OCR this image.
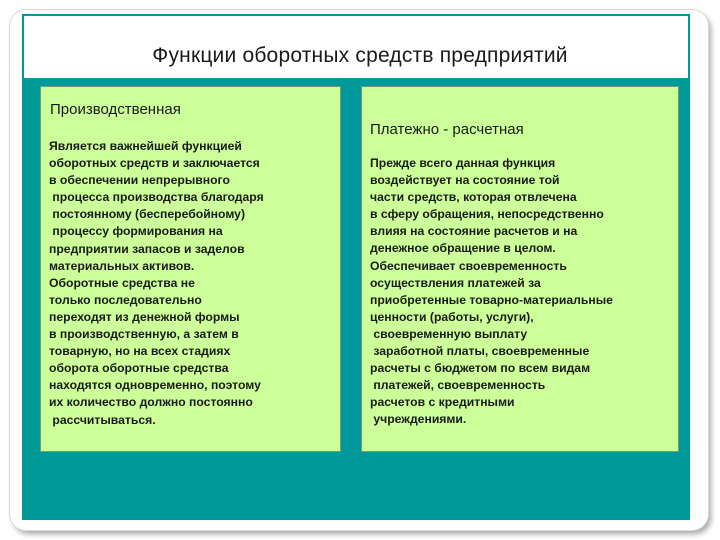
Функции оборотных средств предприятий
Производственная
Является важнейшей функцией
оборотных средств и заключается
в обеспечении непрерывного
процесса производства благодаря
постоянному (бесперебойному)
процессу формирования на
предприятии запасов и заделов
материальных активов.
Оборотные средства не
только последовательно
переходят из денежной формы
в производственную, а затем в
товарную, но на всех стадиях
оборота оборотные средства
находятся одновременно, поэтому
их количество должно постоянно
рассчитываться.
Платежно - расчетная
Прежде всего данная функция
воздействует на состояние той
части средств, которая отвлечена
в сферу обращения, непосредственно
влияя на состояние расчетов и на
денежное обращение в целом.
Обеспечивает своевременность
осуществления платежей за
приобретенные товарно-материальные
ценности (работы, услуги),
своевременную выплату
заработной платы, своевременные
расчеты с бюджетом по всем видам
платежей, своевременность
расчетов с кредитными
учреждениями.
